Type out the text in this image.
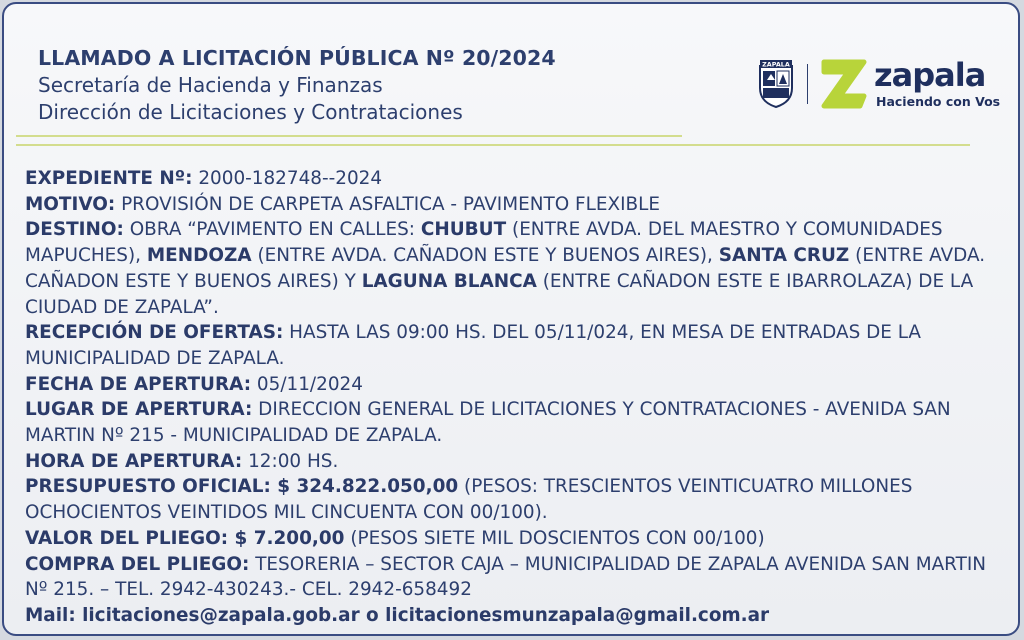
LLAMADO A LICITACIÓN PÚBLICA Nº 20/2024
Secretaría de Hacienda y Finanzas
Dirección de Licitaciones y Contrataciones
ZAPALA	zapala
Haciendo con Vos

EXPEDIENTE Nº: 2000-182748--2024

MOTIVO: PROVISIÓN DE CARPETA ASFALTICA - PAVIMENTO FLEXIBLE

DESTINO: OBRA “PAVIMENTO EN CALLES: CHUBUT (ENTRE AVDA. DEL MAESTRO Y COMUNIDADES MAPUCHES), MENDOZA (ENTRE AVDA. CAÑADON ESTE Y BUENOS AIRES), SANTA CRUZ (ENTRE AVDA. CAÑADON ESTE Y BUENOS AIRES) Y LAGUNA BLANCA (ENTRE CAÑADON ESTE E IBARROLAZA) DE LA CIUDAD DE ZAPALA”.

RECEPCIÓN DE OFERTAS: HASTA LAS 09:00 HS. DEL 05/11/024, EN MESA DE ENTRADAS DE LA MUNICIPALIDAD DE ZAPALA.

FECHA DE APERTURA: 05/11/2024

LUGAR DE APERTURA: DIRECCION GENERAL DE LICITACIONES Y CONTRATACIONES - AVENIDA SAN MARTIN Nº 215 - MUNICIPALIDAD DE ZAPALA.

HORA DE APERTURA: 12:00 HS.

PRESUPUESTO OFICIAL: $ 324.822.050,00 (PESOS: TRESCIENTOS VEINTICUATRO MILLONES OCHOCIENTOS VEINTIDOS MIL CINCUENTA CON 00/100).

VALOR DEL PLIEGO: $ 7.200,00 (PESOS SIETE MIL DOSCIENTOS CON 00/100)

COMPRA DEL PLIEGO: TESORERIA – SECTOR CAJA – MUNICIPALIDAD DE ZAPALA AVENIDA SAN MARTIN Nº 215. – TEL. 2942-430243.- CEL. 2942-658492

Mail: licitaciones@zapala.gob.ar o licitacionesmunzapala@gmail.com.ar
